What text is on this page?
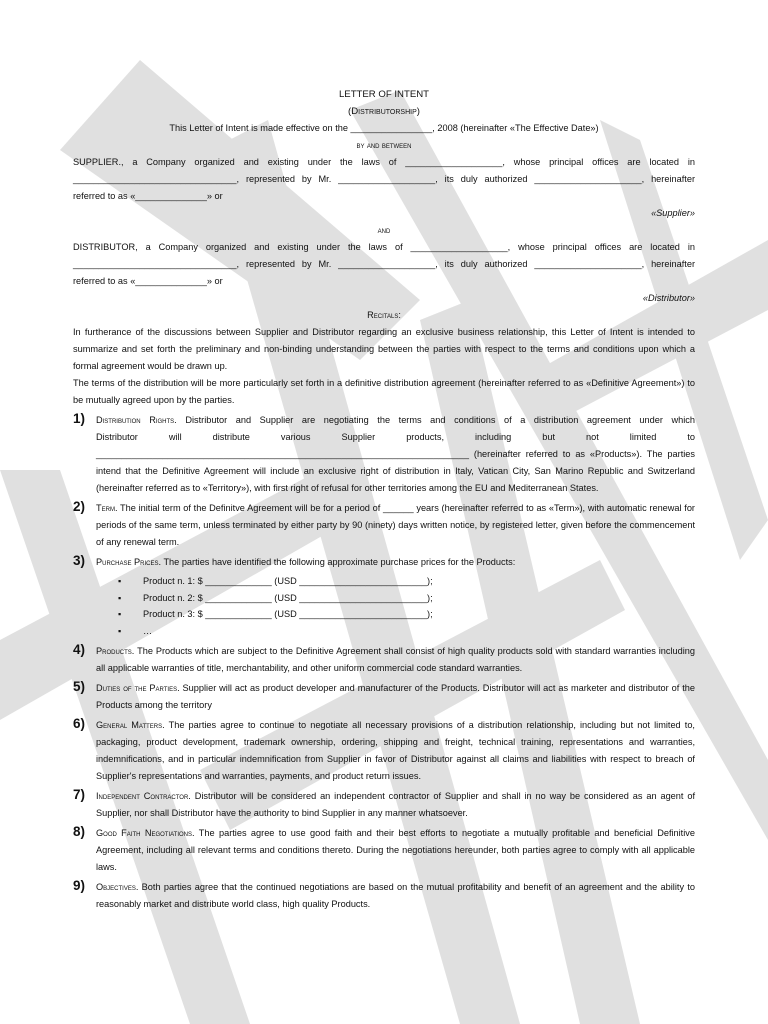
LETTER OF INTENT
(Distributorship)
This Letter of Intent is made effective on the ________________, 2008 (hereinafter «The Effective Date»)
by and between
SUPPLIER., a Company organized and existing under the laws of ___________________, whose principal offices are located in
________________________________, represented by Mr. ___________________, its duly authorized _____________________, hereinafter
referred to as «______________» or
«Supplier»
and
DISTRIBUTOR, a Company organized and existing under the laws of ___________________, whose principal offices are located in
________________________________, represented by Mr. ___________________, its duly authorized _____________________, hereinafter
referred to as «______________» or
«Distributor»
Recitals:
In furtherance of the discussions between Supplier and Distributor regarding an exclusive business relationship, this Letter of Intent is intended to summarize and set forth the preliminary and non-binding understanding between the parties with respect to the terms and conditions upon which a formal agreement would be drawn up.
The terms of the distribution will be more particularly set forth in a definitive distribution agreement (hereinafter referred to as «Definitive Agreement») to be mutually agreed upon by the parties.
1) Distribution Rights. Distributor and Supplier are negotiating the terms and conditions of a distribution agreement under which
Distributor will distribute various Supplier products, including but not limited to
_________________________________________________________________________ (hereinafter referred to as «Products»). The parties intend that the Definitive Agreement will include an exclusive right of distribution in Italy, Vatican City, San Marino Republic and Switzerland (hereinafter referred as to «Territory»), with first right of refusal for other territories among the EU and Mediterranean States.
2) Term. The initial term of the Definitve Agreement will be for a period of ______ years (hereinafter referred to as «Term»), with automatic renewal for periods of the same term, unless terminated by either party by 90 (ninety) days written notice, by registered letter, given before the commencement of any renewal term.
3) Purchase Prices. The parties have identified the following approximate purchase prices for the Products:
▪ Product n. 1: $ _____________ (USD _________________________);
▪ Product n. 2: $ _____________ (USD _________________________);
▪ Product n. 3: $ _____________ (USD _________________________);
▪ …
4) Products. The Products which are subject to the Definitive Agreement shall consist of high quality products sold with standard warranties including all applicable warranties of title, merchantability, and other uniform commercial code standard warranties.
5) Duties of the Parties. Supplier will act as product developer and manufacturer of the Products. Distributor will act as marketer and distributor of the Products among the territory
6) General Matters. The parties agree to continue to negotiate all necessary provisions of a distribution relationship, including but not limited to, packaging, product development, trademark ownership, ordering, shipping and freight, technical training, representations and warranties, indemnifications, and in particular indemnification from Supplier in favor of Distributor against all claims and liabilities with respect to breach of Supplier's representations and warranties, payments, and product return issues.
7) Independent Contractor. Distributor will be considered an independent contractor of Supplier and shall in no way be considered as an agent of Supplier, nor shall Distributor have the authority to bind Supplier in any manner whatsoever.
8) Good Faith Negotiations. The parties agree to use good faith and their best efforts to negotiate a mutually profitable and beneficial Definitive Agreement, including all relevant terms and conditions thereto. During the negotiations hereunder, both parties agree to comply with all applicable laws.
9) Objectives. Both parties agree that the continued negotiations are based on the mutual profitability and benefit of an agreement and the ability to reasonably market and distribute world class, high quality Products.
